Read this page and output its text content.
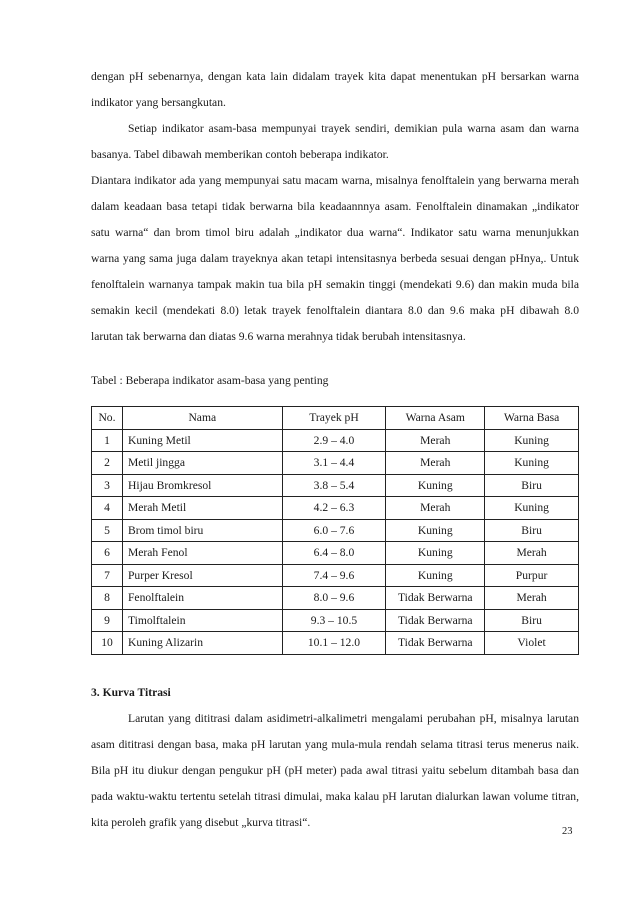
dengan pH sebenarnya, dengan kata lain didalam trayek kita dapat menentukan pH bersarkan warna indikator yang bersangkutan.

Setiap indikator asam-basa mempunyai trayek sendiri, demikian pula warna asam dan warna basanya. Tabel dibawah memberikan contoh beberapa indikator.

Diantara indikator ada yang mempunyai satu macam warna, misalnya fenolftalein yang berwarna merah dalam keadaan basa tetapi tidak berwarna bila keadaannnya asam. Fenolftalein dinamakan „indikator satu warna“ dan brom timol biru adalah „indikator dua warna“. Indikator satu warna menunjukkan warna yang sama juga dalam trayeknya akan tetapi intensitasnya berbeda sesuai dengan pHnya,. Untuk fenolftalein warnanya tampak makin tua bila pH semakin tinggi (mendekati 9.6) dan makin muda bila semakin kecil (mendekati 8.0) letak trayek fenolftalein diantara 8.0 dan 9.6 maka pH dibawah 8.0 larutan tak berwarna dan diatas 9.6 warna merahnya tidak berubah intensitasnya.

Tabel : Beberapa indikator asam-basa yang penting
No.	Nama	Trayek pH	Warna Asam	Warna Basa
1	Kuning Metil	2.9 – 4.0	Merah	Kuning
2	Metil jingga	3.1 – 4.4	Merah	Kuning
3	Hijau Bromkresol	3.8 – 5.4	Kuning	Biru
4	Merah Metil	4.2 – 6.3	Merah	Kuning
5	Brom timol biru	6.0 – 7.6	Kuning	Biru
6	Merah Fenol	6.4 – 8.0	Kuning	Merah
7	Purper Kresol	7.4 – 9.6	Kuning	Purpur
8	Fenolftalein	8.0 – 9.6	Tidak Berwarna	Merah
9	Timolftalein	9.3 – 10.5	Tidak Berwarna	Biru
10	Kuning Alizarin	10.1 – 12.0	Tidak Berwarna	Violet
3. Kurva Titrasi

Larutan yang dititrasi dalam asidimetri-alkalimetri mengalami perubahan pH, misalnya larutan asam dititrasi dengan basa, maka pH larutan yang mula-mula rendah selama titrasi terus menerus naik. Bila pH itu diukur dengan pengukur pH (pH meter) pada awal titrasi yaitu sebelum ditambah basa dan pada waktu-waktu tertentu setelah titrasi dimulai, maka kalau pH larutan dialurkan lawan volume titran, kita peroleh grafik yang disebut „kurva titrasi“.

23
